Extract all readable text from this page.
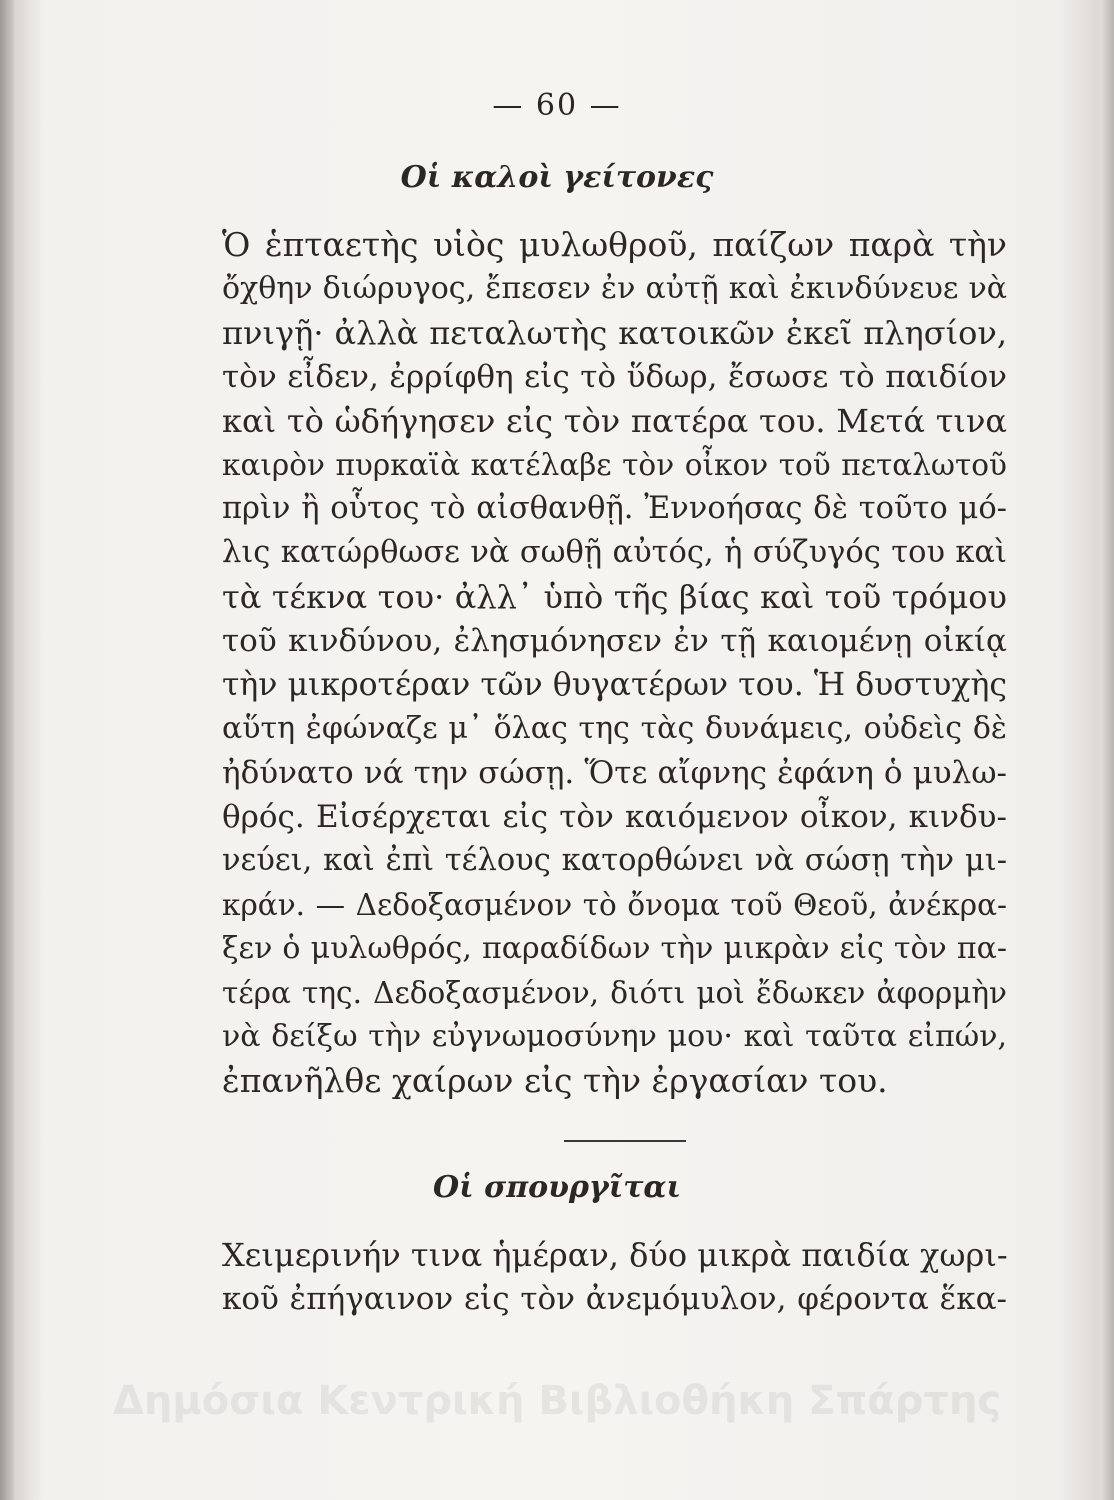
— 60 —
Οἱ καλοὶ γείτονες
Ὁ ἑπταετὴς υἱὸς μυλωθροῦ, παίζων παρὰ τὴν
ὄχθην διώρυγος, ἔπεσεν ἐν αὐτῇ καὶ ἐκινδύνευε νὰ
πνιγῇ· ἀλλὰ πεταλωτὴς κατοικῶν ἐκεῖ πλησίον,
τὸν εἶδεν, ἐρρίφθη εἰς τὸ ὕδωρ, ἔσωσε τὸ παιδίον
καὶ τὸ ὡδήγησεν εἰς τὸν πατέρα του. Μετά τινα
καιρὸν πυρκαϊὰ κατέλαβε τὸν οἶκον τοῦ πεταλωτοῦ
πρὶν ἢ οὗτος τὸ αἰσθανθῇ. Ἐννοήσας δὲ τοῦτο μό-
λις κατώρθωσε νὰ σωθῇ αὐτός, ἡ σύζυγός του καὶ
τὰ τέκνα του· ἀλλ᾽ ὑπὸ τῆς βίας καὶ τοῦ τρόμου
τοῦ κινδύνου, ἐλησμόνησεν ἐν τῇ καιομένῃ οἰκίᾳ
τὴν μικροτέραν τῶν θυγατέρων του. Ἡ δυστυχὴς
αὕτη ἐφώναζε μ᾽ ὅλας της τὰς δυνάμεις, οὐδεὶς δὲ
ἠδύνατο νά την σώσῃ. Ὅτε αἴφνης ἐφάνη ὁ μυλω-
θρός. Εἰσέρχεται εἰς τὸν καιόμενον οἶκον, κινδυ-
νεύει, καὶ ἐπὶ τέλους κατορθώνει νὰ σώσῃ τὴν μι-
κράν. — Δεδοξασμένον τὸ ὄνομα τοῦ Θεοῦ, ἀνέκρα-
ξεν ὁ μυλωθρός, παραδίδων τὴν μικρὰν εἰς τὸν πα-
τέρα της. Δεδοξασμένον, διότι μοὶ ἔδωκεν ἀφορμὴν
νὰ δείξω τὴν εὐγνωμοσύνην μου· καὶ ταῦτα εἰπών,
ἐπανῆλθε χαίρων εἰς τὴν ἐργασίαν του.
Οἱ σπουργῖται
Χειμερινήν τινα ἡμέραν, δύο μικρὰ παιδία χωρι-
κοῦ ἐπήγαινον εἰς τὸν ἀνεμόμυλον, φέροντα ἕκα-
Δημόσια Κεντρική Βιβλιοθήκη Σπάρτης
